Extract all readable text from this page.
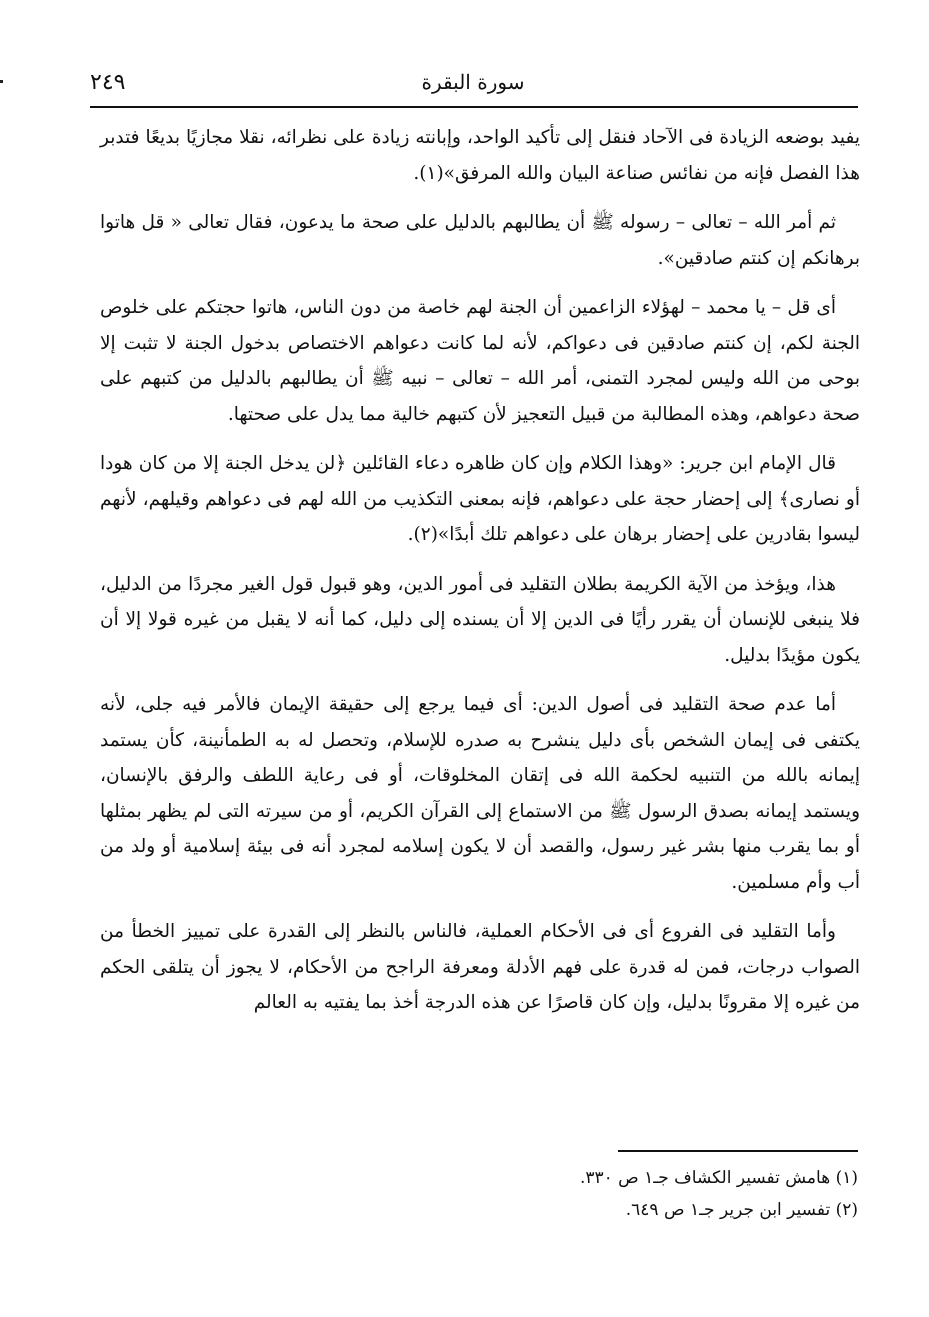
٢٤٩	سورة البقرة

يفيد بوضعه الزيادة فى الآحاد فنقل إلى تأكيد الواحد، وإبانته زيادة على نظرائه، نقلا مجازيًا بديعًا فتدبر هذا الفصل فإنه من نفائس صناعة البيان والله المرفق»(١).

ثم أمر الله – تعالى – رسوله ﷺ أن يطالبهم بالدليل على صحة ما يدعون، فقال تعالى « قل هاتوا برهانكم إن كنتم صادقين».

أى قل – يا محمد – لهؤلاء الزاعمين أن الجنة لهم خاصة من دون الناس، هاتوا حجتكم على خلوص الجنة لكم، إن كنتم صادقين فى دعواكم، لأنه لما كانت دعواهم الاختصاص بدخول الجنة لا تثبت إلا بوحى من الله وليس لمجرد التمنى، أمر الله – تعالى – نبيه ﷺ أن يطالبهم بالدليل من كتبهم على صحة دعواهم، وهذه المطالبة من قبيل التعجيز لأن كتبهم خالية مما يدل على صحتها.

قال الإمام ابن جرير: «وهذا الكلام وإن كان ظاهره دعاء القائلين ﴿لن يدخل الجنة إلا من كان هودا أو نصارى﴾ إلى إحضار حجة على دعواهم، فإنه بمعنى التكذيب من الله لهم فى دعواهم وقيلهم، لأنهم ليسوا بقادرين على إحضار برهان على دعواهم تلك أبدًا»(٢).

هذا، ويؤخذ من الآية الكريمة بطلان التقليد فى أمور الدين، وهو قبول قول الغير مجردًا من الدليل، فلا ينبغى للإنسان أن يقرر رأيًا فى الدين إلا أن يسنده إلى دليل، كما أنه لا يقبل من غيره قولا إلا أن يكون مؤيدًا بدليل.

أما عدم صحة التقليد فى أصول الدين: أى فيما يرجع إلى حقيقة الإيمان فالأمر فيه جلى، لأنه يكتفى فى إيمان الشخص بأى دليل ينشرح به صدره للإسلام، وتحصل له به الطمأنينة، كأن يستمد إيمانه بالله من التنبيه لحكمة الله فى إتقان المخلوقات، أو فى رعاية اللطف والرفق بالإنسان، ويستمد إيمانه بصدق الرسول ﷺ من الاستماع إلى القرآن الكريم، أو من سيرته التى لم يظهر بمثلها أو بما يقرب منها بشر غير رسول، والقصد أن لا يكون إسلامه لمجرد أنه فى بيئة إسلامية أو ولد من أب وأم مسلمين.

وأما التقليد فى الفروع أى فى الأحكام العملية، فالناس بالنظر إلى القدرة على تمييز الخطأ من الصواب درجات، فمن له قدرة على فهم الأدلة ومعرفة الراجح من الأحكام، لا يجوز أن يتلقى الحكم من غيره إلا مقرونًا بدليل، وإن كان قاصرًا عن هذه الدرجة أخذ بما يفتيه به العالم

(١) هامش تفسير الكشاف جـ١ ص ٣٣٠.

(٢) تفسير ابن جرير جـ١ ص ٦٤٩.
